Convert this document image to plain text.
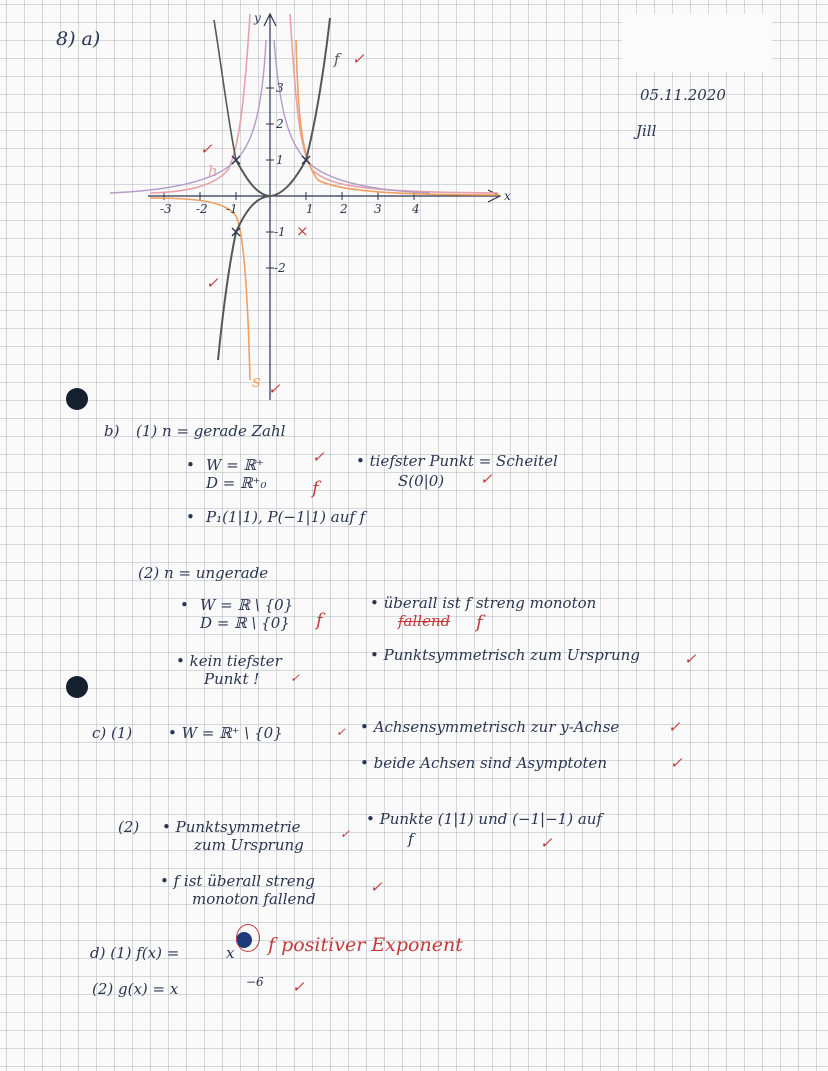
8) a)
05.11.2020
Jill
-3 -2 -1	1 2 3	4
3
2
1
-1
-2
x
y
f ✓
s ✓
h
✓
✓
×
b) (1) n = gerade Zahl
• W = ℝ⁺
D = ℝ⁺₀
✓
f
• tiefster Punkt = Scheitel
S(0|0) ✓
• P₁(1|1), P(−1|1) auf f
(2) n = ungerade
• W = ℝ \ {0}
D = ℝ \ {0} f
• überall ist f streng monoton
fallend f
• kein tiefster
Punkt !	✓
• Punktsymmetrisch zum Ursprung	✓
c) (1) • W = ℝ⁺ \ {0}	✓ • Achsensymmetrisch zur y-Achse	✓
• beide Achsen sind Asymptoten	✓
(2) • Punktsymmetrie
zum Ursprung
✓
• Punkte (1|1) und (−1|−1) auf
f	✓
• f ist überall streng
monoton fallend
✓
d) (1) f(x) =	x f positiver Exponent
(2) g(x) = x	−6 ✓
